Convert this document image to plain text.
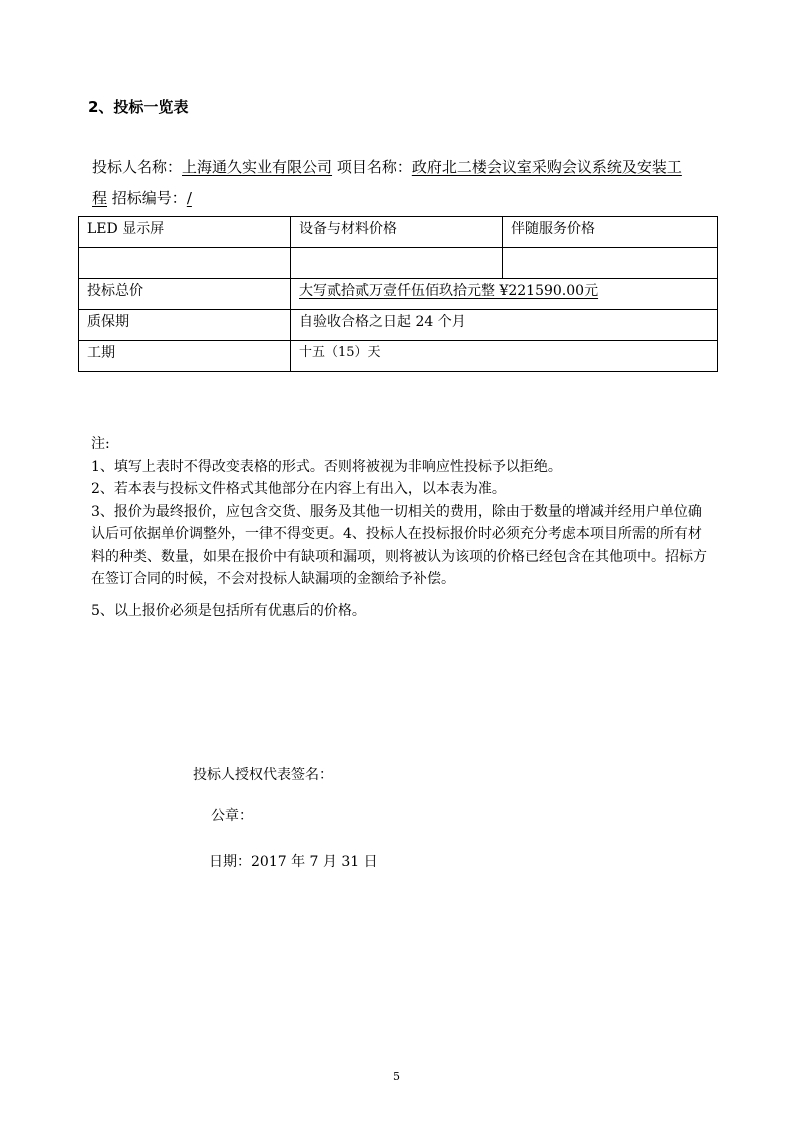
2、投标一览表
投标人名称：上海通久实业有限公司 项目名称：政府北二楼会议室采购会议系统及安装工
程 招标编号：/
LED 显示屏	设备与材料价格	伴随服务价格

投标总价	大写贰拾贰万壹仟伍佰玖拾元整 ¥221590.00元	
质保期	自验收合格之日起 24 个月	
工期	十五（15）天	

注:

1、填写上表时不得改变表格的形式。否则将被视为非响应性投标予以拒绝。

2、若本表与投标文件格式其他部分在内容上有出入，以本表为准。

3、报价为最终报价，应包含交货、服务及其他一切相关的费用，除由于数量的增减并经用户单位确认后可依据单价调整外，一律不得变更。4、投标人在投标报价时必须充分考虑本项目所需的所有材料的种类、数量，如果在报价中有缺项和漏项，则将被认为该项的价格已经包含在其他项中。招标方在签订合同的时候，不会对投标人缺漏项的金额给予补偿。

5、以上报价必须是包括所有优惠后的价格。

投标人授权代表签名：
公章：
日期：2017 年 7 月 31 日
5
